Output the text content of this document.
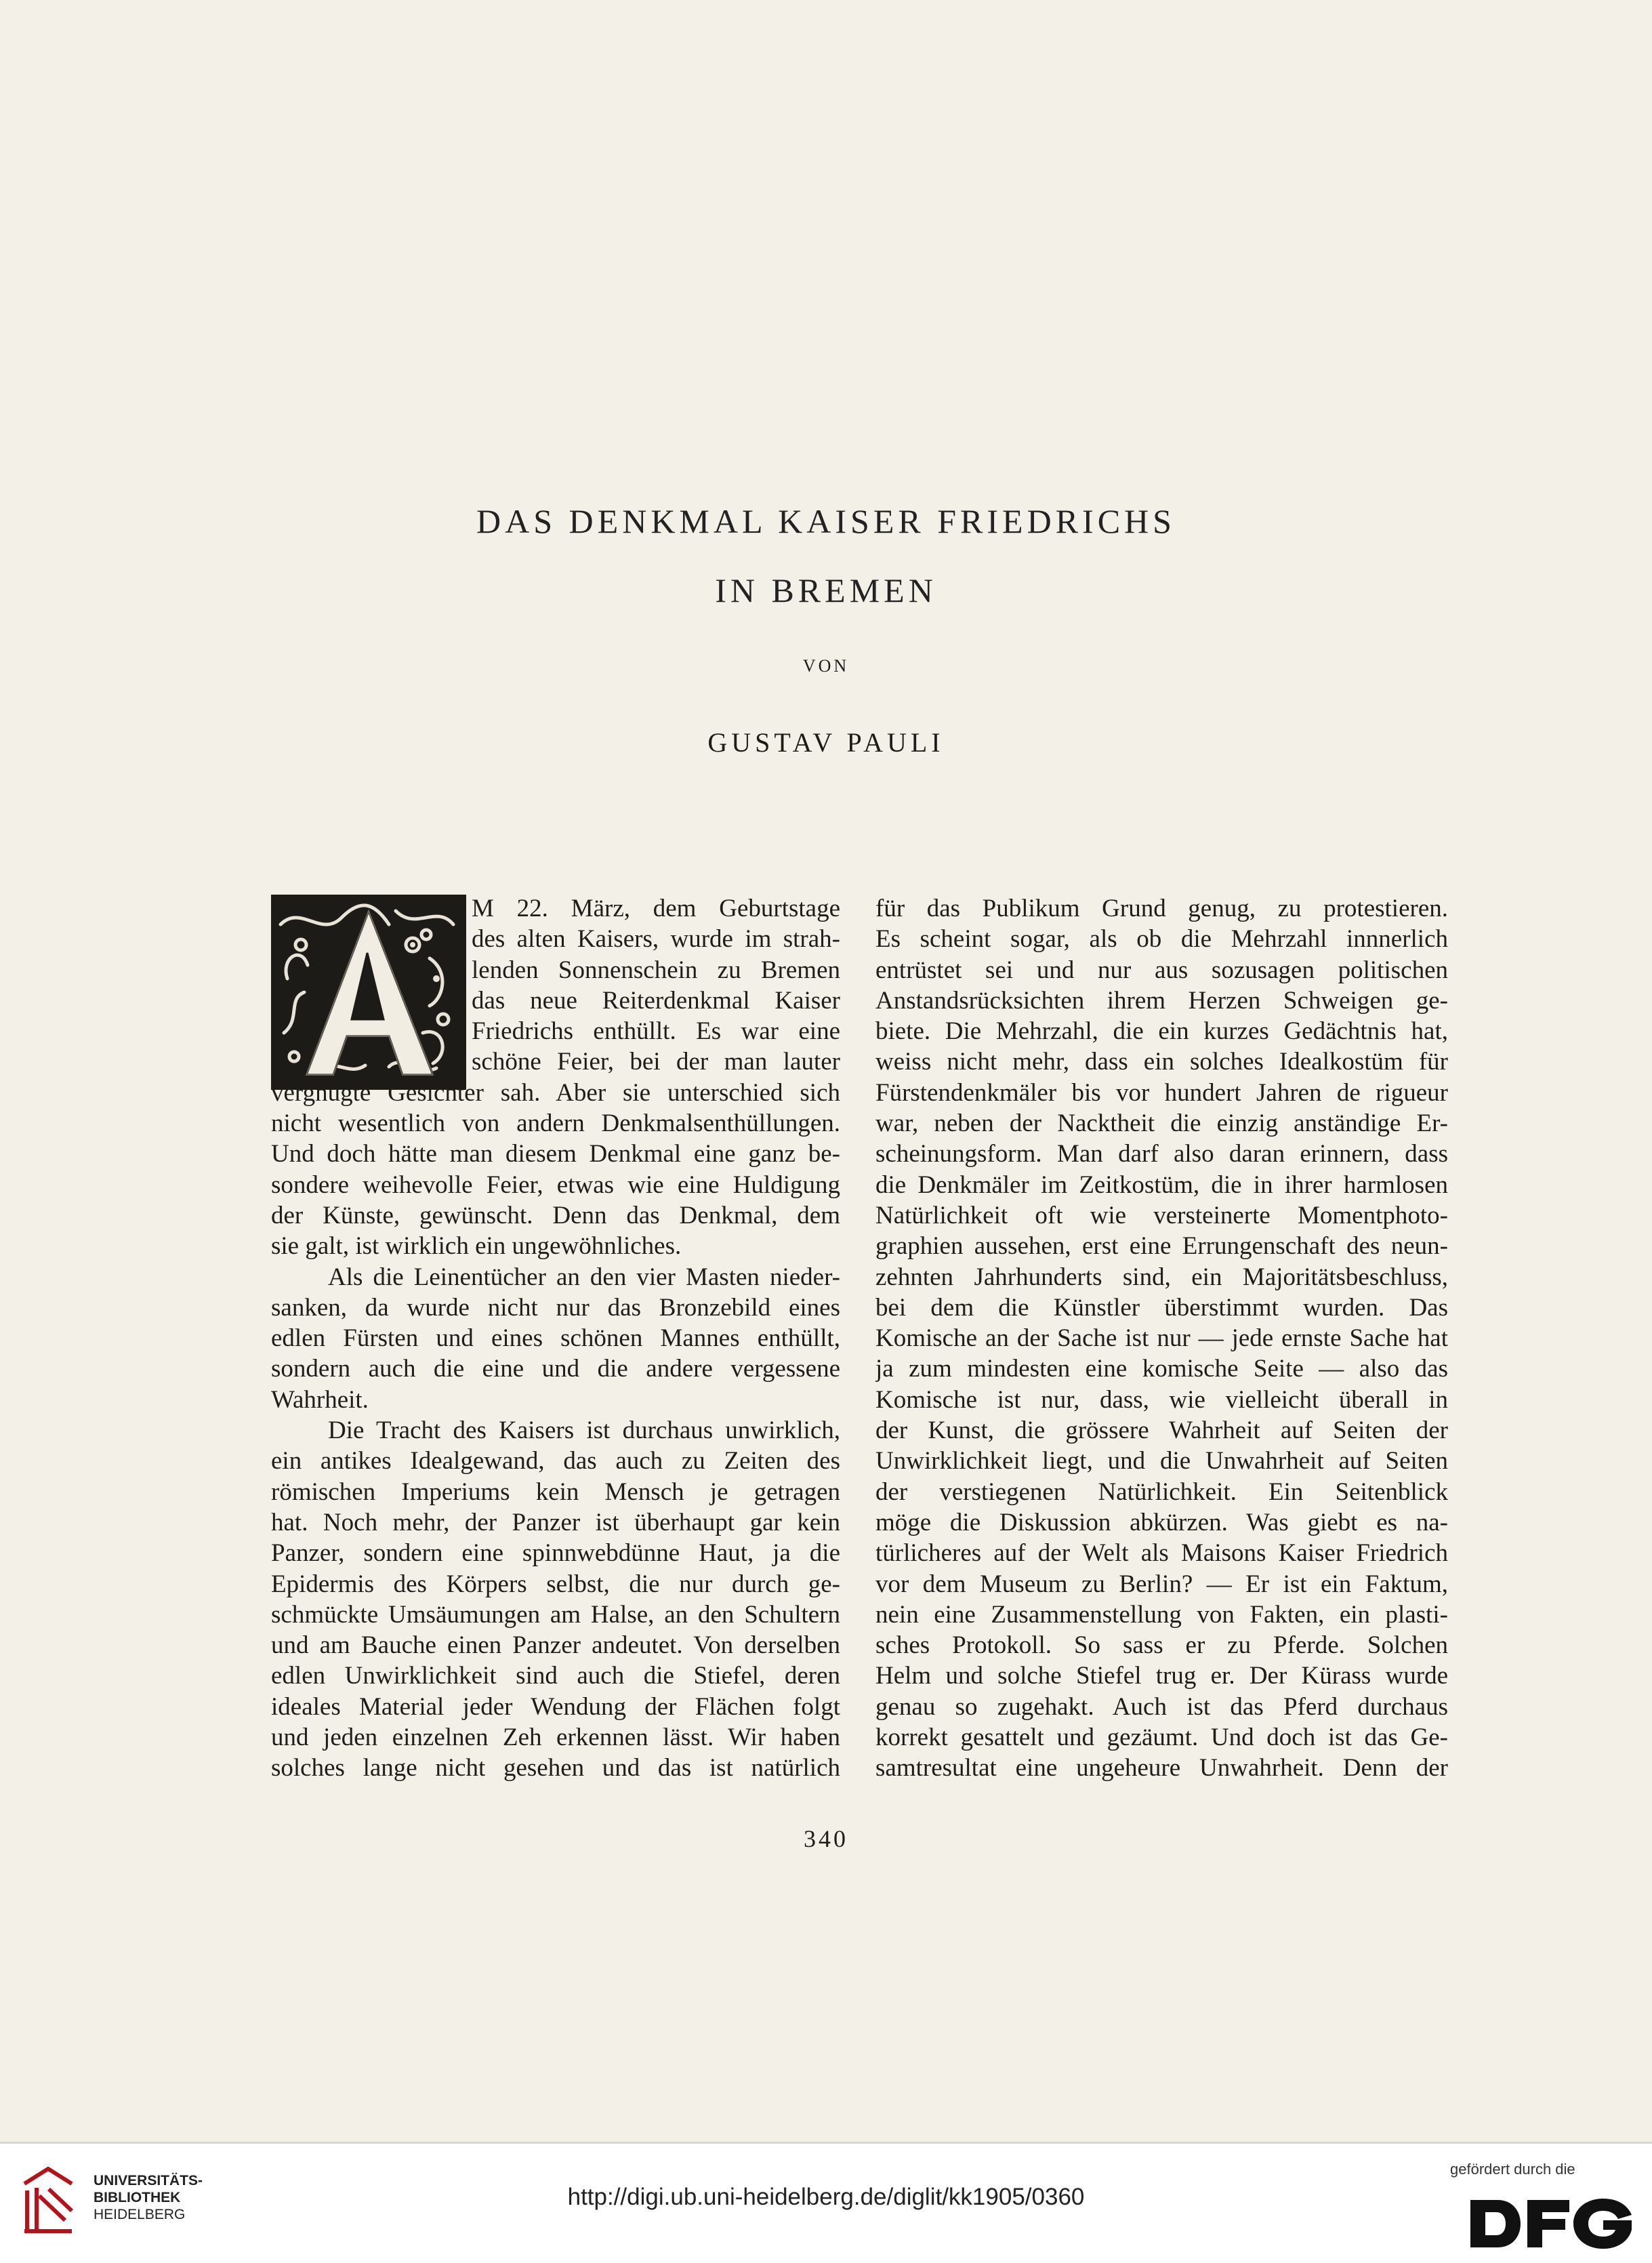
DAS DENKMAL KAISER FRIEDRICHS
IN BREMEN
VON
GUSTAV PAULI
M 22. März, dem Geburtstage
des alten Kaisers, wurde im strah-
lenden Sonnenschein zu Bremen
das neue Reiterdenkmal Kaiser
Friedrichs enthüllt. Es war eine
schöne Feier, bei der man lauter
vergnügte Gesichter sah. Aber sie unterschied sich
nicht wesentlich von andern Denkmalsenthüllungen.
Und doch hätte man diesem Denkmal eine ganz be-
sondere weihevolle Feier, etwas wie eine Huldigung
der Künste, gewünscht. Denn das Denkmal, dem
sie galt, ist wirklich ein ungewöhnliches.
Als die Leinentücher an den vier Masten nieder-
sanken, da wurde nicht nur das Bronzebild eines
edlen Fürsten und eines schönen Mannes enthüllt,
sondern auch die eine und die andere vergessene
Wahrheit.
Die Tracht des Kaisers ist durchaus unwirklich,
ein antikes Idealgewand, das auch zu Zeiten des
römischen Imperiums kein Mensch je getragen
hat. Noch mehr, der Panzer ist überhaupt gar kein
Panzer, sondern eine spinnwebdünne Haut, ja die
Epidermis des Körpers selbst, die nur durch ge-
schmückte Umsäumungen am Halse, an den Schultern
und am Bauche einen Panzer andeutet. Von derselben
edlen Unwirklichkeit sind auch die Stiefel, deren
ideales Material jeder Wendung der Flächen folgt
und jeden einzelnen Zeh erkennen lässt. Wir haben
solches lange nicht gesehen und das ist natürlich
für das Publikum Grund genug, zu protestieren.
Es scheint sogar, als ob die Mehrzahl innnerlich
entrüstet sei und nur aus sozusagen politischen
Anstandsrücksichten ihrem Herzen Schweigen ge-
biete. Die Mehrzahl, die ein kurzes Gedächtnis hat,
weiss nicht mehr, dass ein solches Idealkostüm für
Fürstendenkmäler bis vor hundert Jahren de rigueur
war, neben der Nacktheit die einzig anständige Er-
scheinungsform. Man darf also daran erinnern, dass
die Denkmäler im Zeitkostüm, die in ihrer harmlosen
Natürlichkeit oft wie versteinerte Momentphoto-
graphien aussehen, erst eine Errungenschaft des neun-
zehnten Jahrhunderts sind, ein Majoritätsbeschluss,
bei dem die Künstler überstimmt wurden. Das
Komische an der Sache ist nur — jede ernste Sache hat
ja zum mindesten eine komische Seite — also das
Komische ist nur, dass, wie vielleicht überall in
der Kunst, die grössere Wahrheit auf Seiten der
Unwirklichkeit liegt, und die Unwahrheit auf Seiten
der verstiegenen Natürlichkeit. Ein Seitenblick
möge die Diskussion abkürzen. Was giebt es na-
türlicheres auf der Welt als Maisons Kaiser Friedrich
vor dem Museum zu Berlin? — Er ist ein Faktum,
nein eine Zusammenstellung von Fakten, ein plasti-
sches Protokoll. So sass er zu Pferde. Solchen
Helm und solche Stiefel trug er. Der Kürass wurde
genau so zugehakt. Auch ist das Pferd durchaus
korrekt gesattelt und gezäumt. Und doch ist das Ge-
samtresultat eine ungeheure Unwahrheit. Denn der
340
UNIVERSITÄTS-
BIBLIOTHEK
HEIDELBERG
http://digi.ub.uni-heidelberg.de/diglit/kk1905/0360
gefördert durch die
